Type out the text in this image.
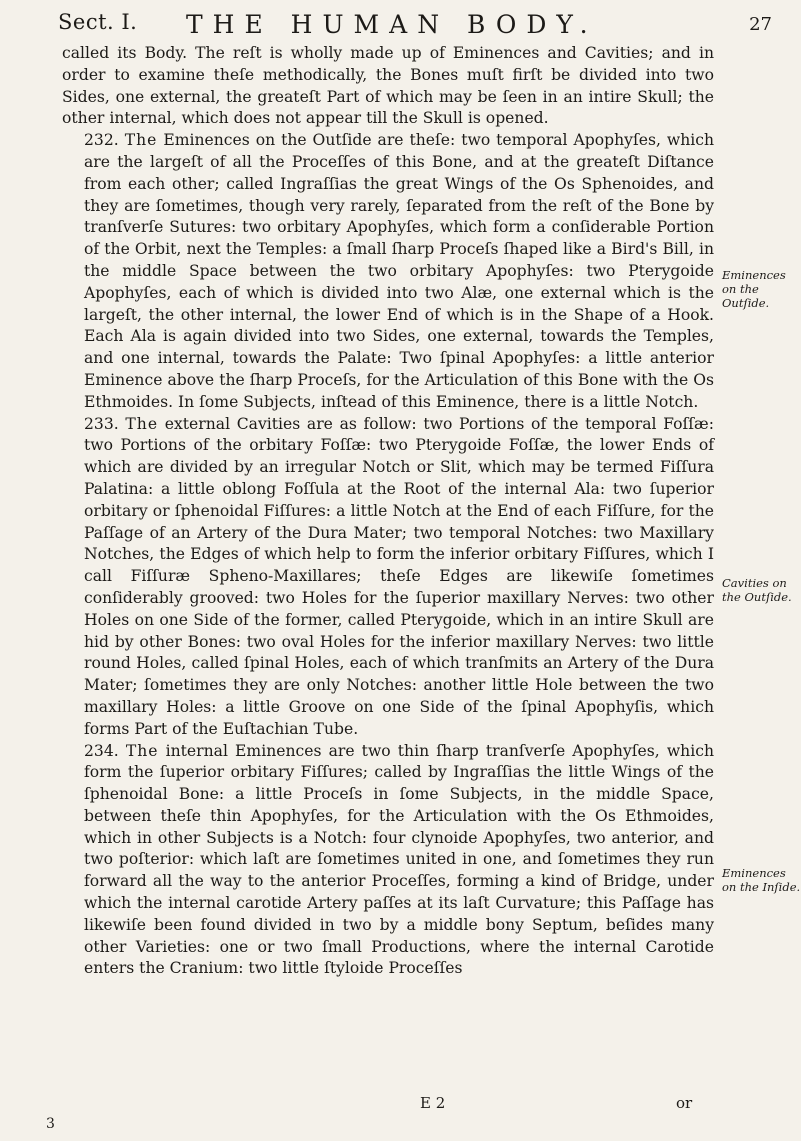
Sect. I. THE HUMAN BODY.	27

called its Body. The reſt is wholly made up of Eminences and Cavities; and in order to examine theſe methodically, the Bones muſt firſt be divided into two Sides, one external, the greateſt Part of which may be ſeen in an intire Skull; the other internal, which does not appear till the Skull is opened.

232. The Eminences on the Outſide are theſe: two temporal Apophyſes, which are the largeſt of all the Proceſſes of this Bone, and at the greateſt Diſtance from each other; called Ingraſſias the great Wings of the Os Sphenoides, and they are ſometimes, though very rarely, ſeparated from the reſt of the Bone by tranſverſe Sutures: two orbitary Apophyſes, which form a conſiderable Portion of the Orbit, next the Temples: a ſmall ſharp Proceſs ſhaped like a Bird's Bill, in the middle Space between the two orbitary Apophyſes: two Pterygoide Apophyſes, each of which is divided into two Alæ, one external which is the largeſt, the other internal, the lower End of which is in the Shape of a Hook. Each Ala is again divided into two Sides, one external, towards the Temples, and one internal, towards the Palate: Two ſpinal Apophyſes: a little anterior Eminence above the ſharp Proceſs, for the Articulation of this Bone with the Os Ethmoides. In ſome Subjects, inſtead of this Eminence, there is a little Notch.

233. The external Cavities are as follow: two Portions of the temporal Foſſæ: two Portions of the orbitary Foſſæ: two Pterygoide Foſſæ, the lower Ends of which are divided by an irregular Notch or Slit, which may be termed Fiſſura Palatina: a little oblong Foſſula at the Root of the internal Ala: two ſuperior orbitary or ſphenoidal Fiſſures: a little Notch at the End of each Fiſſure, for the Paſſage of an Artery of the Dura Mater; two temporal Notches: two Maxillary Notches, the Edges of which help to form the inferior orbitary Fiſſures, which I call Fiſſuræ Spheno-Maxillares; theſe Edges are likewiſe ſometimes conſiderably grooved: two Holes for the ſuperior maxillary Nerves: two other Holes on one Side of the former, called Pterygoide, which in an intire Skull are hid by other Bones: two oval Holes for the inferior maxillary Nerves: two little round Holes, called ſpinal Holes, each of which tranſmits an Artery of the Dura Mater; ſometimes they are only Notches: another little Hole between the two maxillary Holes: a little Groove on one Side of the ſpinal Apophyſis, which forms Part of the Euſtachian Tube.

234. The internal Eminences are two thin ſharp tranſverſe Apophyſes, which form the ſuperior orbitary Fiſſures; called by Ingraſſias the little Wings of the ſphenoidal Bone: a little Proceſs in ſome Subjects, in the middle Space, between theſe thin Apophyſes, for the Articulation with the Os Ethmoides, which in other Subjects is a Notch: four clynoide Apophyſes, two anterior, and two poſterior: which laſt are ſometimes united in one, and ſometimes they run forward all the way to the anterior Proceſſes, forming a kind of Bridge, under which the internal carotide Artery paſſes at its laſt Curvature; this Paſſage has likewiſe been found divided in two by a middle bony Septum, beſides many other Varieties: one or two ſmall Productions, where the internal Carotide enters the Cranium: two little ſtyloide Proceſſes

Eminences on the Outſide.
Cavities on the Outſide.
Eminences on the Inſide.
E 2	or
3
